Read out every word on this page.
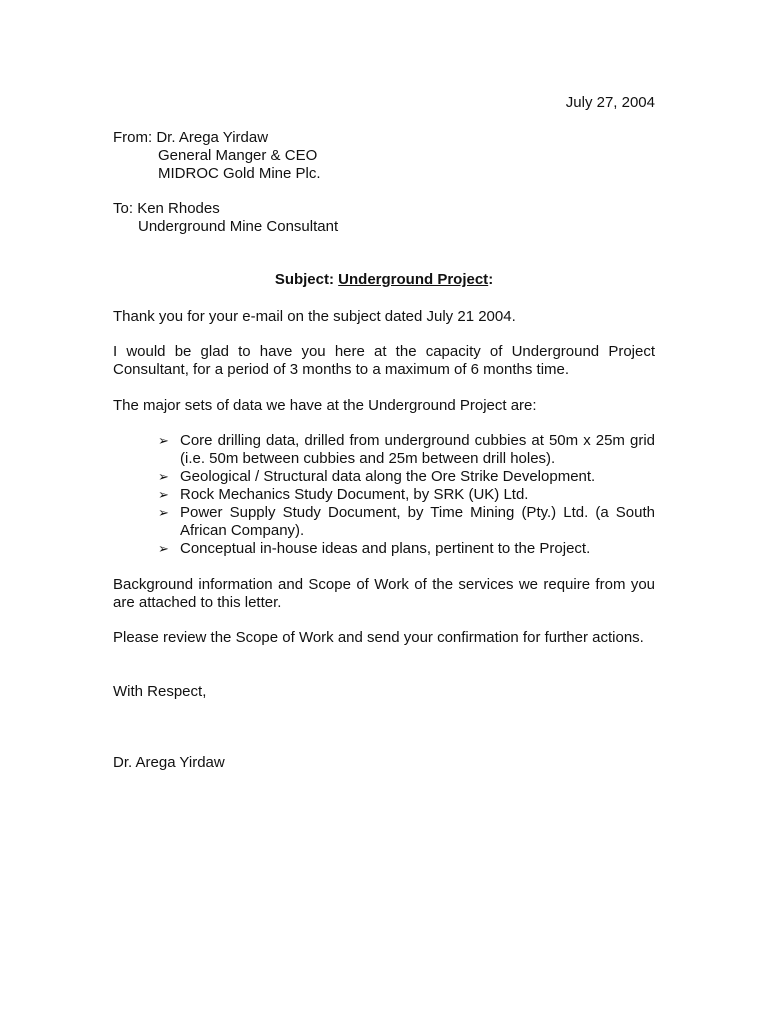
July 27, 2004
From: Dr. Arega Yirdaw
General Manger & CEO
MIDROC Gold Mine Plc.
To: Ken Rhodes
Underground Mine Consultant
Subject: Underground Project:
Thank you for your e-mail on the subject dated July 21 2004.
I would be glad to have you here at the capacity of Underground Project Consultant, for a period of 3 months to a maximum of 6 months time.
The major sets of data we have at the Underground Project are:
➢ Core drilling data, drilled from underground cubbies at 50m x 25m grid (i.e. 50m between cubbies and 25m between drill holes).
➢ Geological / Structural data along the Ore Strike Development.
➢ Rock Mechanics Study Document, by SRK (UK) Ltd.
➢ Power Supply Study Document, by Time Mining (Pty.) Ltd. (a South African Company).
➢ Conceptual in-house ideas and plans, pertinent to the Project.
Background information and Scope of Work of the services we require from you are attached to this letter.
Please review the Scope of Work and send your confirmation for further actions.
With Respect,
Dr. Arega Yirdaw
